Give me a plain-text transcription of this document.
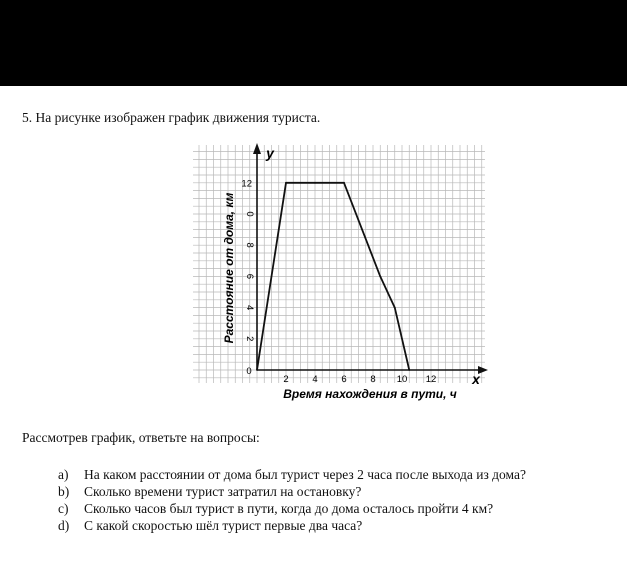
5. На рисунке изображен график движения туриста.
2 4 6 8 10 12
2
4
6
8
0
12
0	x
y
Расстояние от дома, км
Время нахождения в пути, ч
Рассмотрев график, ответьте на вопросы:
a)	На каком расстоянии от дома был турист через 2 часа после выхода из дома?
b)	Сколько времени турист затратил на остановку?
c)	Сколько часов был турист в пути, когда до дома осталось пройти 4 км?
d)	С какой скоростью шёл турист первые два часа?
